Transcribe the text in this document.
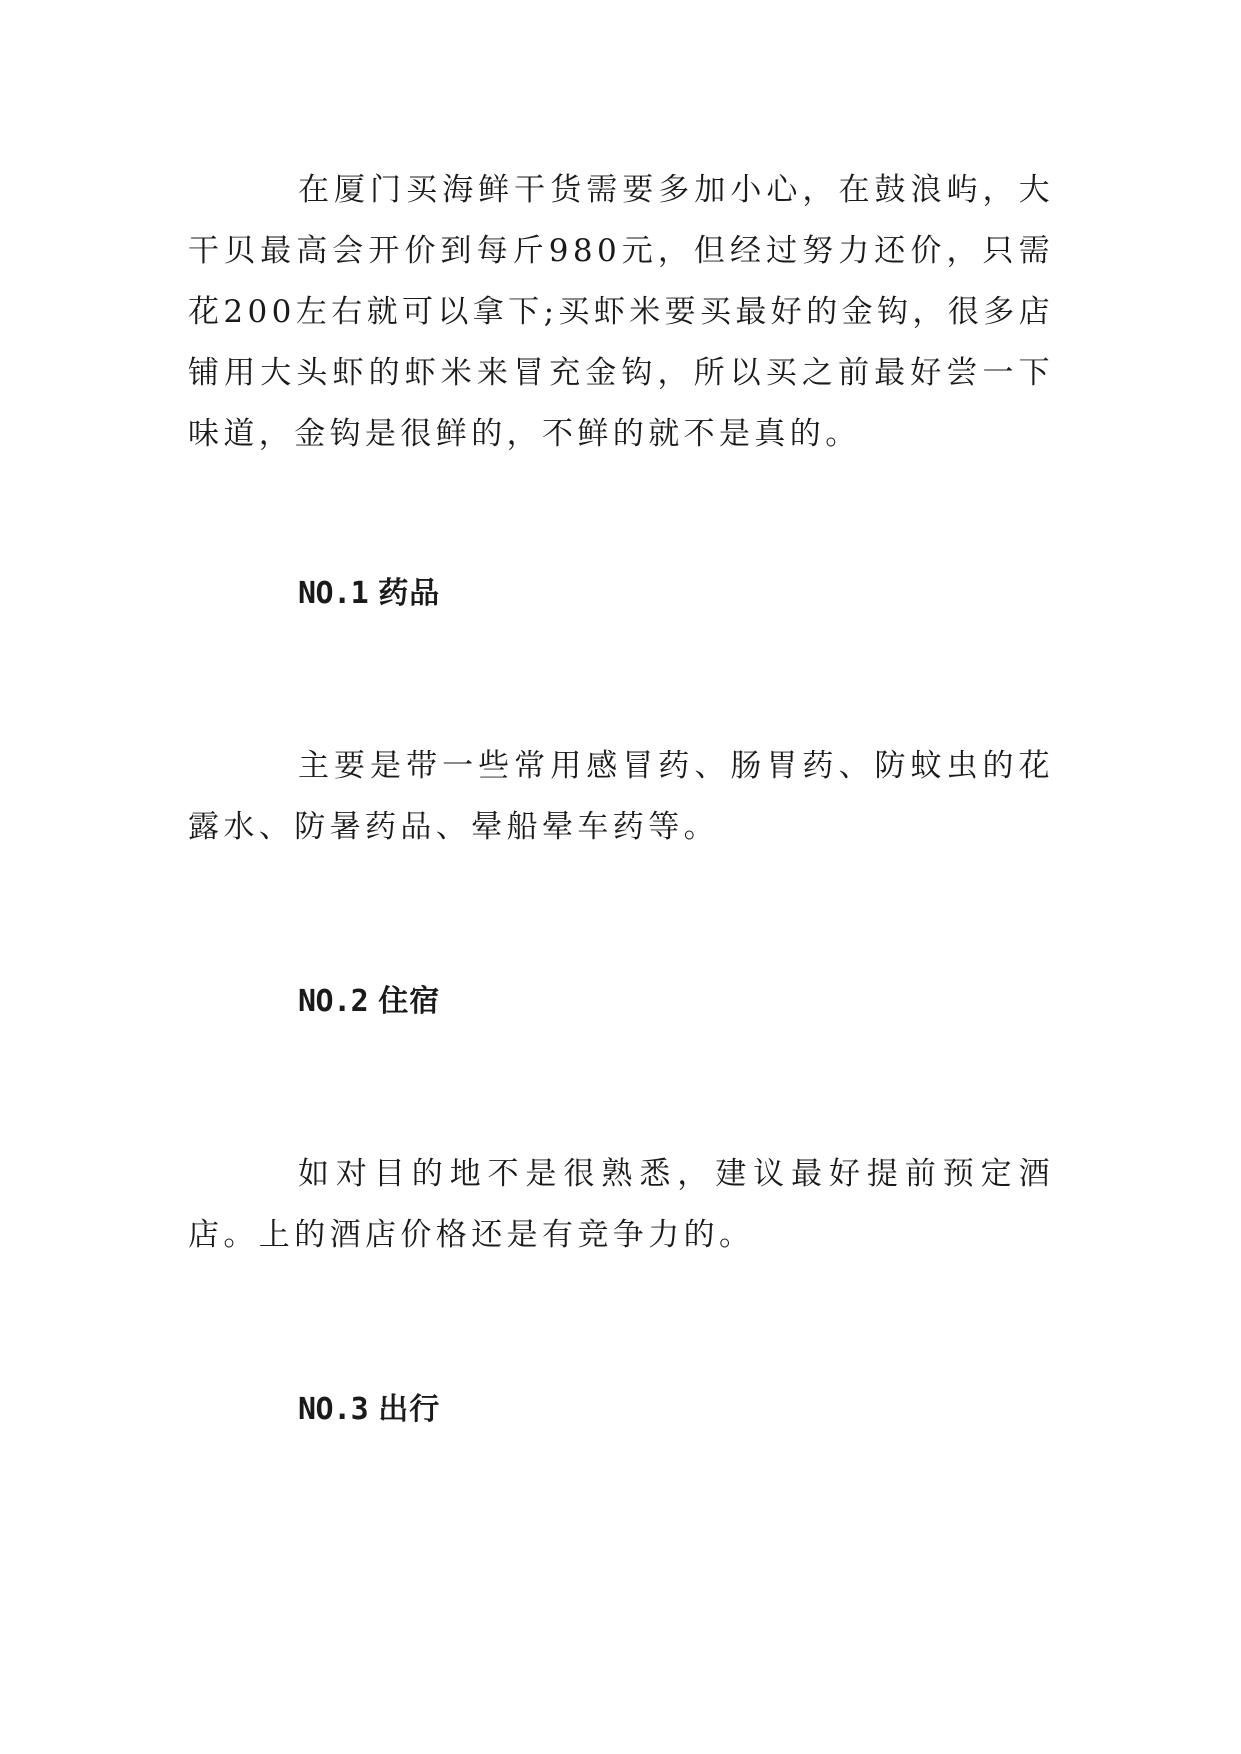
在厦门买海鲜干货需要多加小心，在鼓浪屿，大干贝最高会开价到每斤980元，但经过努力还价，只需花200左右就可以拿下;买虾米要买最好的金钩，很多店铺用大头虾的虾米来冒充金钩，所以买之前最好尝一下味道，金钩是很鲜的，不鲜的就不是真的。

NO.1 药品

主要是带一些常用感冒药、肠胃药、防蚊虫的花露水、防暑药品、晕船晕车药等。

NO.2 住宿

如对目的地不是很熟悉，建议最好提前预定酒店。上的酒店价格还是有竞争力的。

NO.3 出行
